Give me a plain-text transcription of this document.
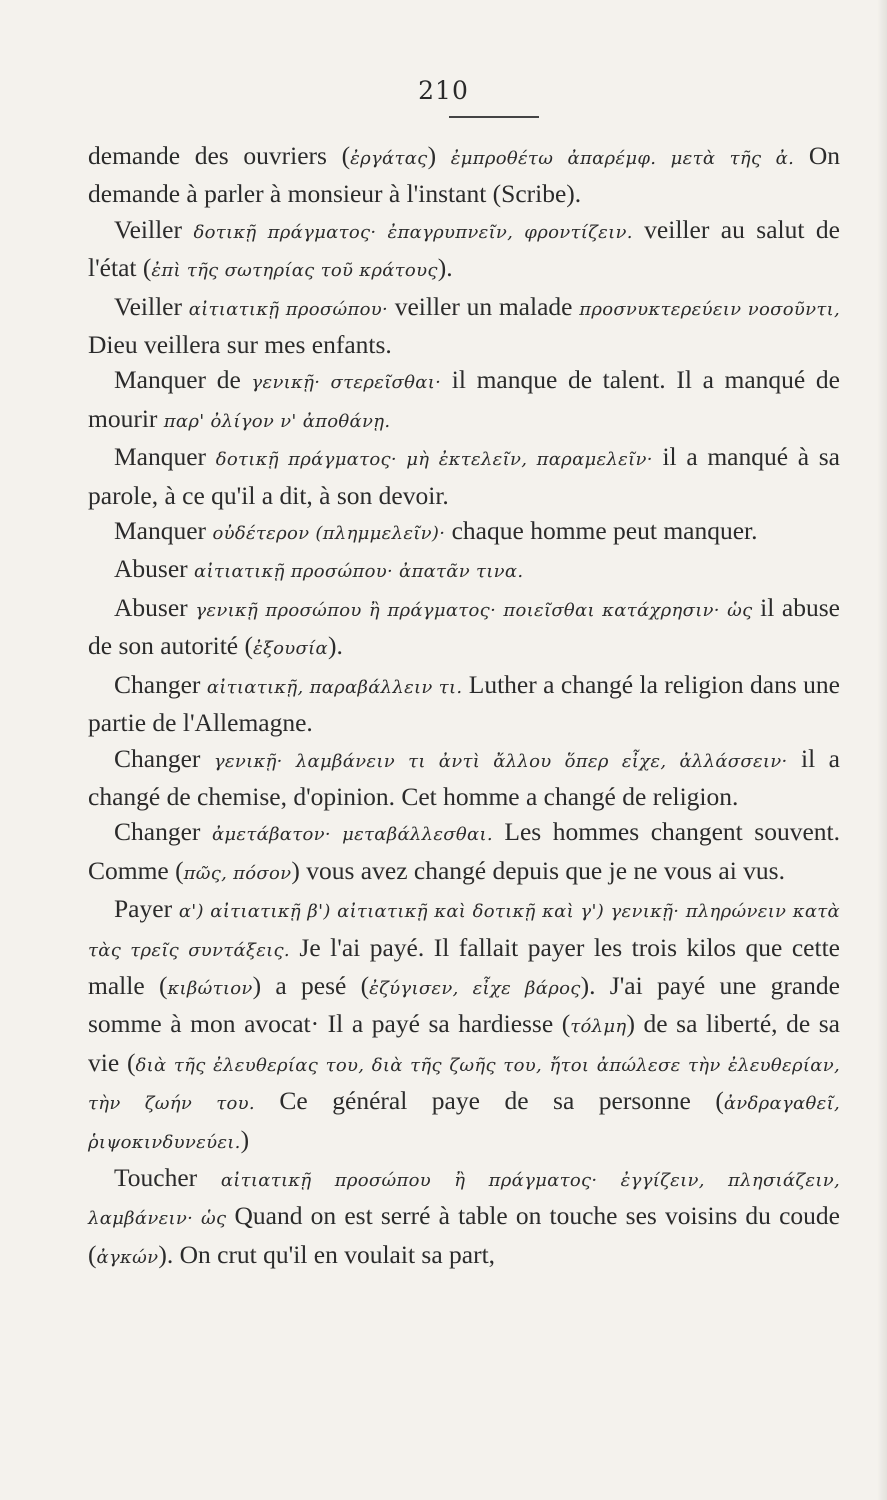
210

demande des ouvriers (ἐργάτας) ἐμπροθέτω ἀπαρέμφ. μετὰ τῆς ἀ. On demande à parler à monsieur à l'instant (Scribe).

Veiller δοτικῇ πράγματος· ἐπαγρυπνεῖν, φροντίζειν. veiller au salut de l'état (ἐπὶ τῆς σωτηρίας τοῦ κράτους).

Veiller αἰτιατικῇ προσώπου· veiller un malade προσνυκτερεύειν νοσοῦντι, Dieu veillera sur mes enfants.

Manquer de γενικῇ· στερεῖσθαι· il manque de talent. Il a manqué de mourir παρ' ὀλίγον ν' ἀποθάνῃ.

Manquer δοτικῇ πράγματος· μὴ ἐκτελεῖν, παραμελεῖν· il a manqué à sa parole, à ce qu'il a dit, à son devoir.

Manquer οὐδέτερον (πλημμελεῖν)· chaque homme peut manquer.

Abuser αἰτιατικῇ προσώπου· ἀπατᾶν τινα.

Abuser γενικῇ προσώπου ἢ πράγματος· ποιεῖσθαι κατάχρησιν· ὡς il abuse de son autorité (ἐξουσία).

Changer αἰτιατικῇ, παραβάλλειν τι. Luther a changé la religion dans une partie de l'Allemagne.

Changer γενικῇ· λαμβάνειν τι ἀντὶ ἄλλου ὅπερ εἶχε, ἀλλάσσειν· il a changé de chemise, d'opinion. Cet homme a changé de religion.

Changer ἀμετάβατον· μεταβάλλεσθαι. Les hommes changent souvent. Comme (πῶς, πόσον) vous avez changé depuis que je ne vous ai vus.

Payer α') αἰτιατικῇ β') αἰτιατικῇ καὶ δοτικῇ καὶ γ') γενικῇ· πληρώνειν κατὰ τὰς τρεῖς συντάξεις. Je l'ai payé. Il fallait payer les trois kilos que cette malle (κιβώτιον) a pesé (ἐζύγισεν, εἶχε βάρος). J'ai payé une grande somme à mon avocat· Il a payé sa hardiesse (τόλμη) de sa liberté, de sa vie (διὰ τῆς ἐλευθερίας του, διὰ τῆς ζωῆς του, ἤτοι ἀπώλεσε τὴν ἐλευθερίαν, τὴν ζωήν του. Ce général paye de sa personne (ἀνδραγαθεῖ, ῥιψοκινδυνεύει.)

Toucher αἰτιατικῇ προσώπου ἢ πράγματος· ἐγγίζειν, πλησιάζειν, λαμβάνειν· ὡς Quand on est serré à table on touche ses voisins du coude (ἀγκών). On crut qu'il en voulait sa part,
